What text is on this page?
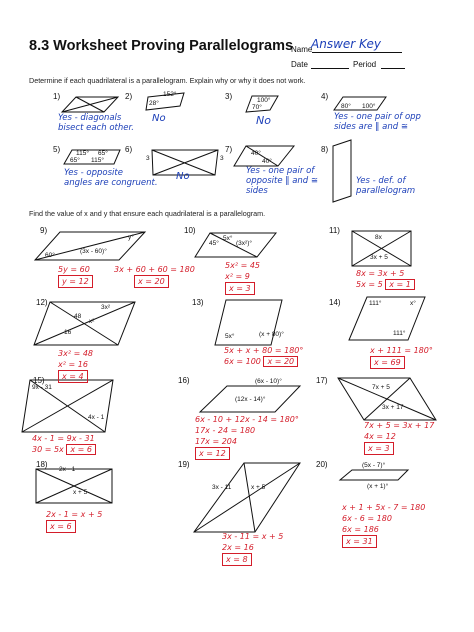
8.3 Worksheet Proving Parallelograms
Name
Answer Key
Date	Period
Determine if each quadrilateral is a parallelogram. Explain why or why it does not work.
1)	2)	152°
28°
3)	100°
70°
4)
80° 100°
5) 115° 65°
65° 115°
6)
3	3
7)	40°
40°
8)
Yes - diagonals
bisect each other.
No	No	Yes - one pair of opp
sides are ‖ and ≅
Yes - opposite
angles are congruent.
No	Yes - one pair of
opposite ‖ and ≅
sides
Yes - def. of
parallelogram
Find the value of x and y that ensure each quadrilateral is a parallelogram.
9)	10)	11)
12)	13)	14)
15)	16)	17)
18)	19)	20)
y°
(3x - 60)°
60°
45°
5x°
(3x²)°
8x
3x + 5
3x²
48
x²
16
5x°	(x + 80)°
111°	x°
111°
9x - 31
4x - 1
(6x - 10)°
(12x - 14)°
7x + 5
3x + 17
2x - 1
x + 5
3x - 11	x + 5
(5x - 7)°
(x + 1)°
5y = 60
y = 12
3x + 60 + 60 = 180
x = 20
5x² = 45
x² = 9
x = 3
8x = 3x + 5
5x = 5 x = 1
3x² = 48
x² = 16
x = 4
5x + x + 80 = 180°
6x = 100 x = 20
x + 111 = 180°
x = 69
4x - 1 = 9x - 31
30 = 5x x = 6
6x - 10 + 12x - 14 = 180°
17x - 24 = 180
17x = 204
x = 12
7x + 5 = 3x + 17
4x = 12
x = 3
2x - 1 = x + 5
x = 6
3x - 11 = x + 5
2x = 16
x = 8
x + 1 + 5x - 7 = 180
6x - 6 = 180
6x = 186
x = 31
